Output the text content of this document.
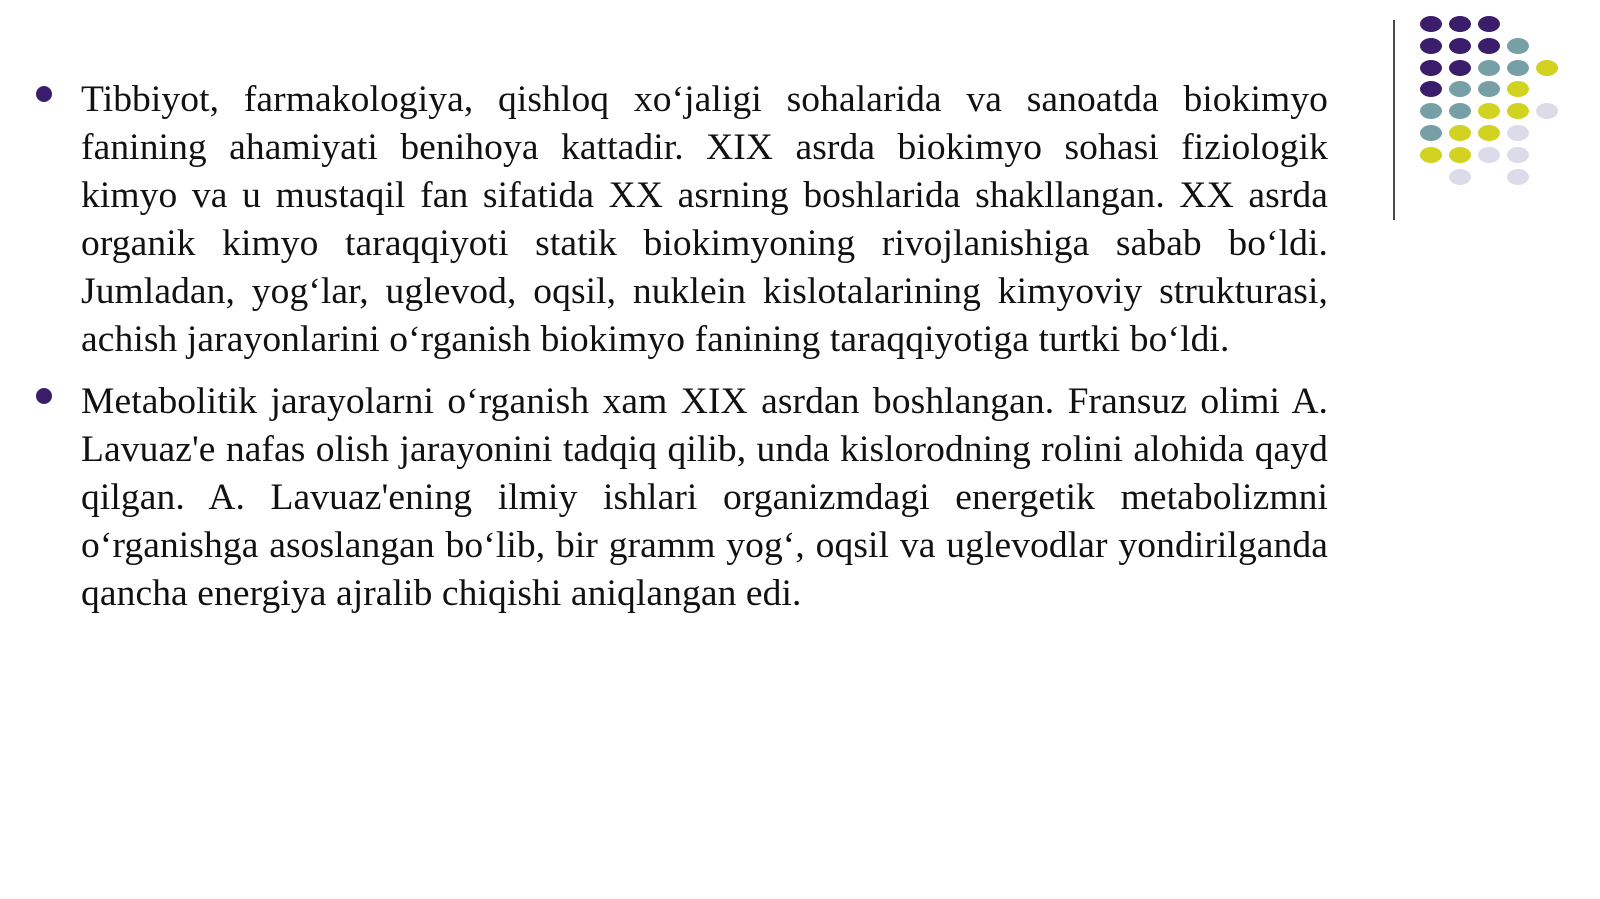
Tibbiyot, farmakologiya, qishloq xo‘jaligi sohalarida va sanoatda biokimyo fanining ahamiyati benihoya kattadir. XIX asrda biokimyo sohasi fiziologik kimyo va u mustaqil fan sifatida XX asrning boshlarida shakllangan. XX asrda organik kimyo taraqqiyoti statik biokimyoning rivojlanishiga sabab bo‘ldi. Jumladan, yog‘lar, uglevod, oqsil, nuklein kislotalarining kimyoviy strukturasi, achish jarayonlarini o‘rganish biokimyo fanining taraqqiyotiga turtki bo‘ldi.
Metabolitik jarayolarni o‘rganish xam XIX asrdan boshlangan. Fransuz olimi A. Lavuaz'e nafas olish jarayonini tadqiq qilib, unda kislorodning rolini alohida qayd qilgan. A. Lavuaz'ening ilmiy ishlari organizmdagi energetik metabolizmni o‘rganishga asoslangan bo‘lib, bir gramm yog‘, oqsil va uglevodlar yondirilganda qancha energiya ajralib chiqishi aniqlangan edi.
